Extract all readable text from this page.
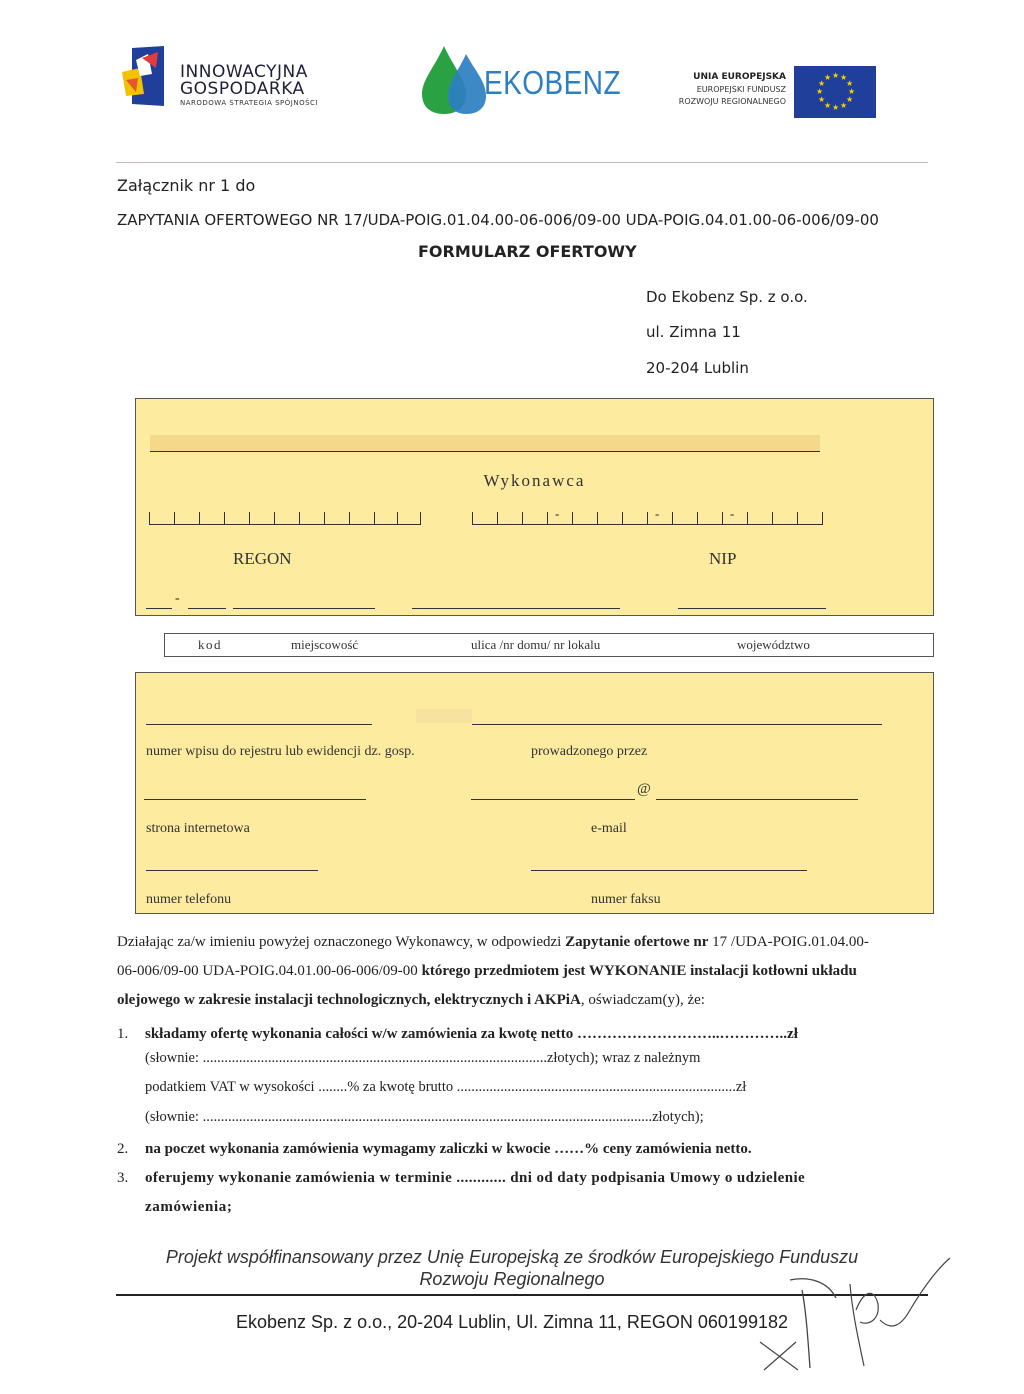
INNOWACYJNA
GOSPODARKA
NARODOWA STRATEGIA SPÓJNOŚCI
EKOBENZ	UNIA EUROPEJSKA
EUROPEJSKI FUNDUSZ
ROZWOJU REGIONALNEGO
★ ★
★
★
★
★
★
★
★
★
★
★
Załącznik nr 1 do
ZAPYTANIA OFERTOWEGO NR 17/UDA-POIG.01.04.00-06-006/09-00 UDA-POIG.04.01.00-06-006/09-00
FORMULARZ OFERTOWY
Do Ekobenz Sp. z o.o.
ul. Zimna 11
20-204 Lublin
Wykonawca
-	-	-
REGON	NIP
-
kod	miejscowość	ulica /nr domu/ nr lokalu	województwo
numer wpisu do rejestru lub ewidencji dz. gosp.	prowadzonego przez
@
strona internetowa	e-mail
numer telefonu	numer faksu
Działając za/w imieniu powyżej oznaczonego Wykonawcy, w odpowiedzi Zapytanie ofertowe nr 17 /UDA-POIG.01.04.00-
06-006/09-00 UDA-POIG.04.01.00-06-006/09-00 którego przedmiotem jest WYKONANIE instalacji kotłowni układu
olejowego w zakresie instalacji technologicznych, elektrycznych i AKPiA, oświadczam(y), że:
1. składamy ofertę wykonania całości w/w zamówienia za kwotę netto ………………………..…………..zł
(słownie: ...............................................................................................złotych); wraz z należnym
podatkiem VAT w wysokości ........% za kwotę brutto .............................................................................zł
(słownie: ............................................................................................................................złotych);
2. na poczet wykonania zamówienia wymagamy zaliczki w kwocie ……% ceny zamówienia netto.
3. oferujemy wykonanie zamówienia w terminie ............ dni od daty podpisania Umowy o udzielenie
zamówienia;
Projekt współfinansowany przez Unię Europejską ze środków Europejskiego Funduszu
Rozwoju Regionalnego
Ekobenz Sp. z o.o., 20-204 Lublin, Ul. Zimna 11, REGON 060199182
